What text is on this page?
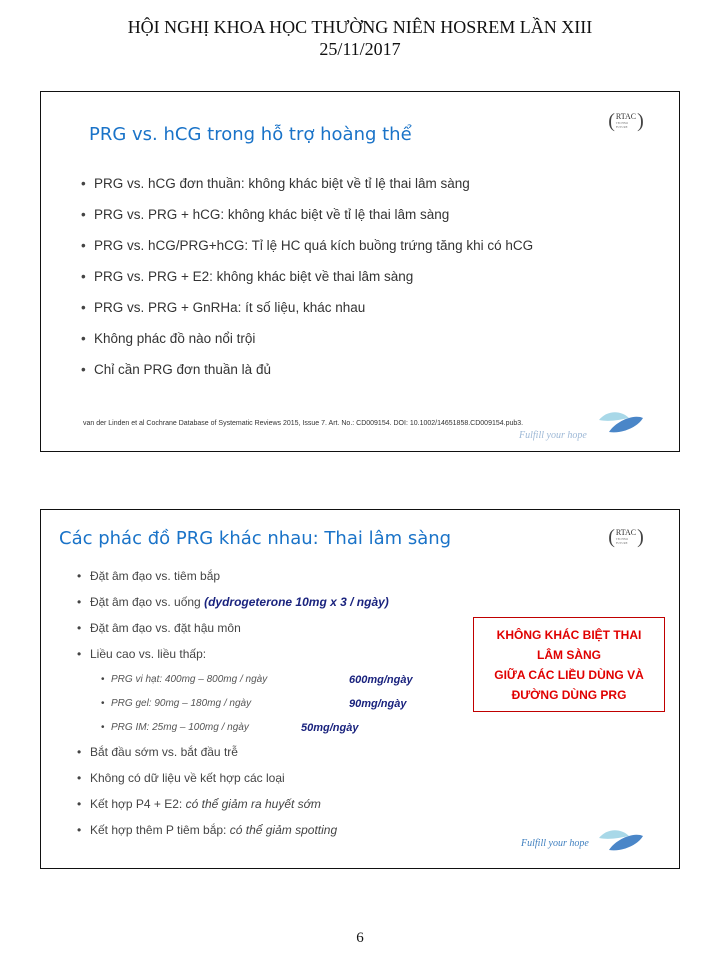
HỘI NGHỊ KHOA HỌC THƯỜNG NIÊN HOSREM LẦN XIII
25/11/2017
( RTAC
TECHNO FUTURE )
PRG vs. hCG trong hỗ trợ hoàng thể
• PRG vs. hCG đơn thuần: không khác biệt về tỉ lệ thai lâm sàng
• PRG vs. PRG + hCG: không khác biệt về tỉ lệ thai lâm sàng
• PRG vs. hCG/PRG+hCG: Tỉ lệ HC quá kích buồng trứng tăng khi có hCG
• PRG vs. PRG + E2: không khác biệt về thai lâm sàng
• PRG vs. PRG + GnRHa: ít số liệu, khác nhau
• Không phác đồ nào nổi trội
• Chỉ cần PRG đơn thuần là đủ
Fulfill your hope
van der Linden et al Cochrane Database of Systematic Reviews 2015, Issue 7. Art. No.: CD009154. DOI: 10.1002/14651858.CD009154.pub3.
( RTAC
TECHNO FUTURE )
Các phác đồ PRG khác nhau: Thai lâm sàng
• Đặt âm đạo vs. tiêm bắp
• Đặt âm đạo vs. uống (dydrogeterone 10mg x 3 / ngày)
• Đặt âm đạo vs. đặt hậu môn
• Liều cao vs. liều thấp:
• PRG vi hạt: 400mg – 800mg / ngày	600mg/ngày
• PRG gel: 90mg – 180mg / ngày	90mg/ngày
• PRG IM: 25mg – 100mg / ngày	50mg/ngày
• Bắt đầu sớm vs. bắt đầu trễ
• Không có dữ liệu về kết hợp các loại
• Kết hợp P4 + E2: có thể giảm ra huyết sớm
• Kết hợp thêm P tiêm bắp: có thể giảm spotting
KHÔNG KHÁC BIỆT THAI
LÂM SÀNG
GIỮA CÁC LIỀU DÙNG VÀ
ĐƯỜNG DÙNG PRG
Fulfill your hope
6
